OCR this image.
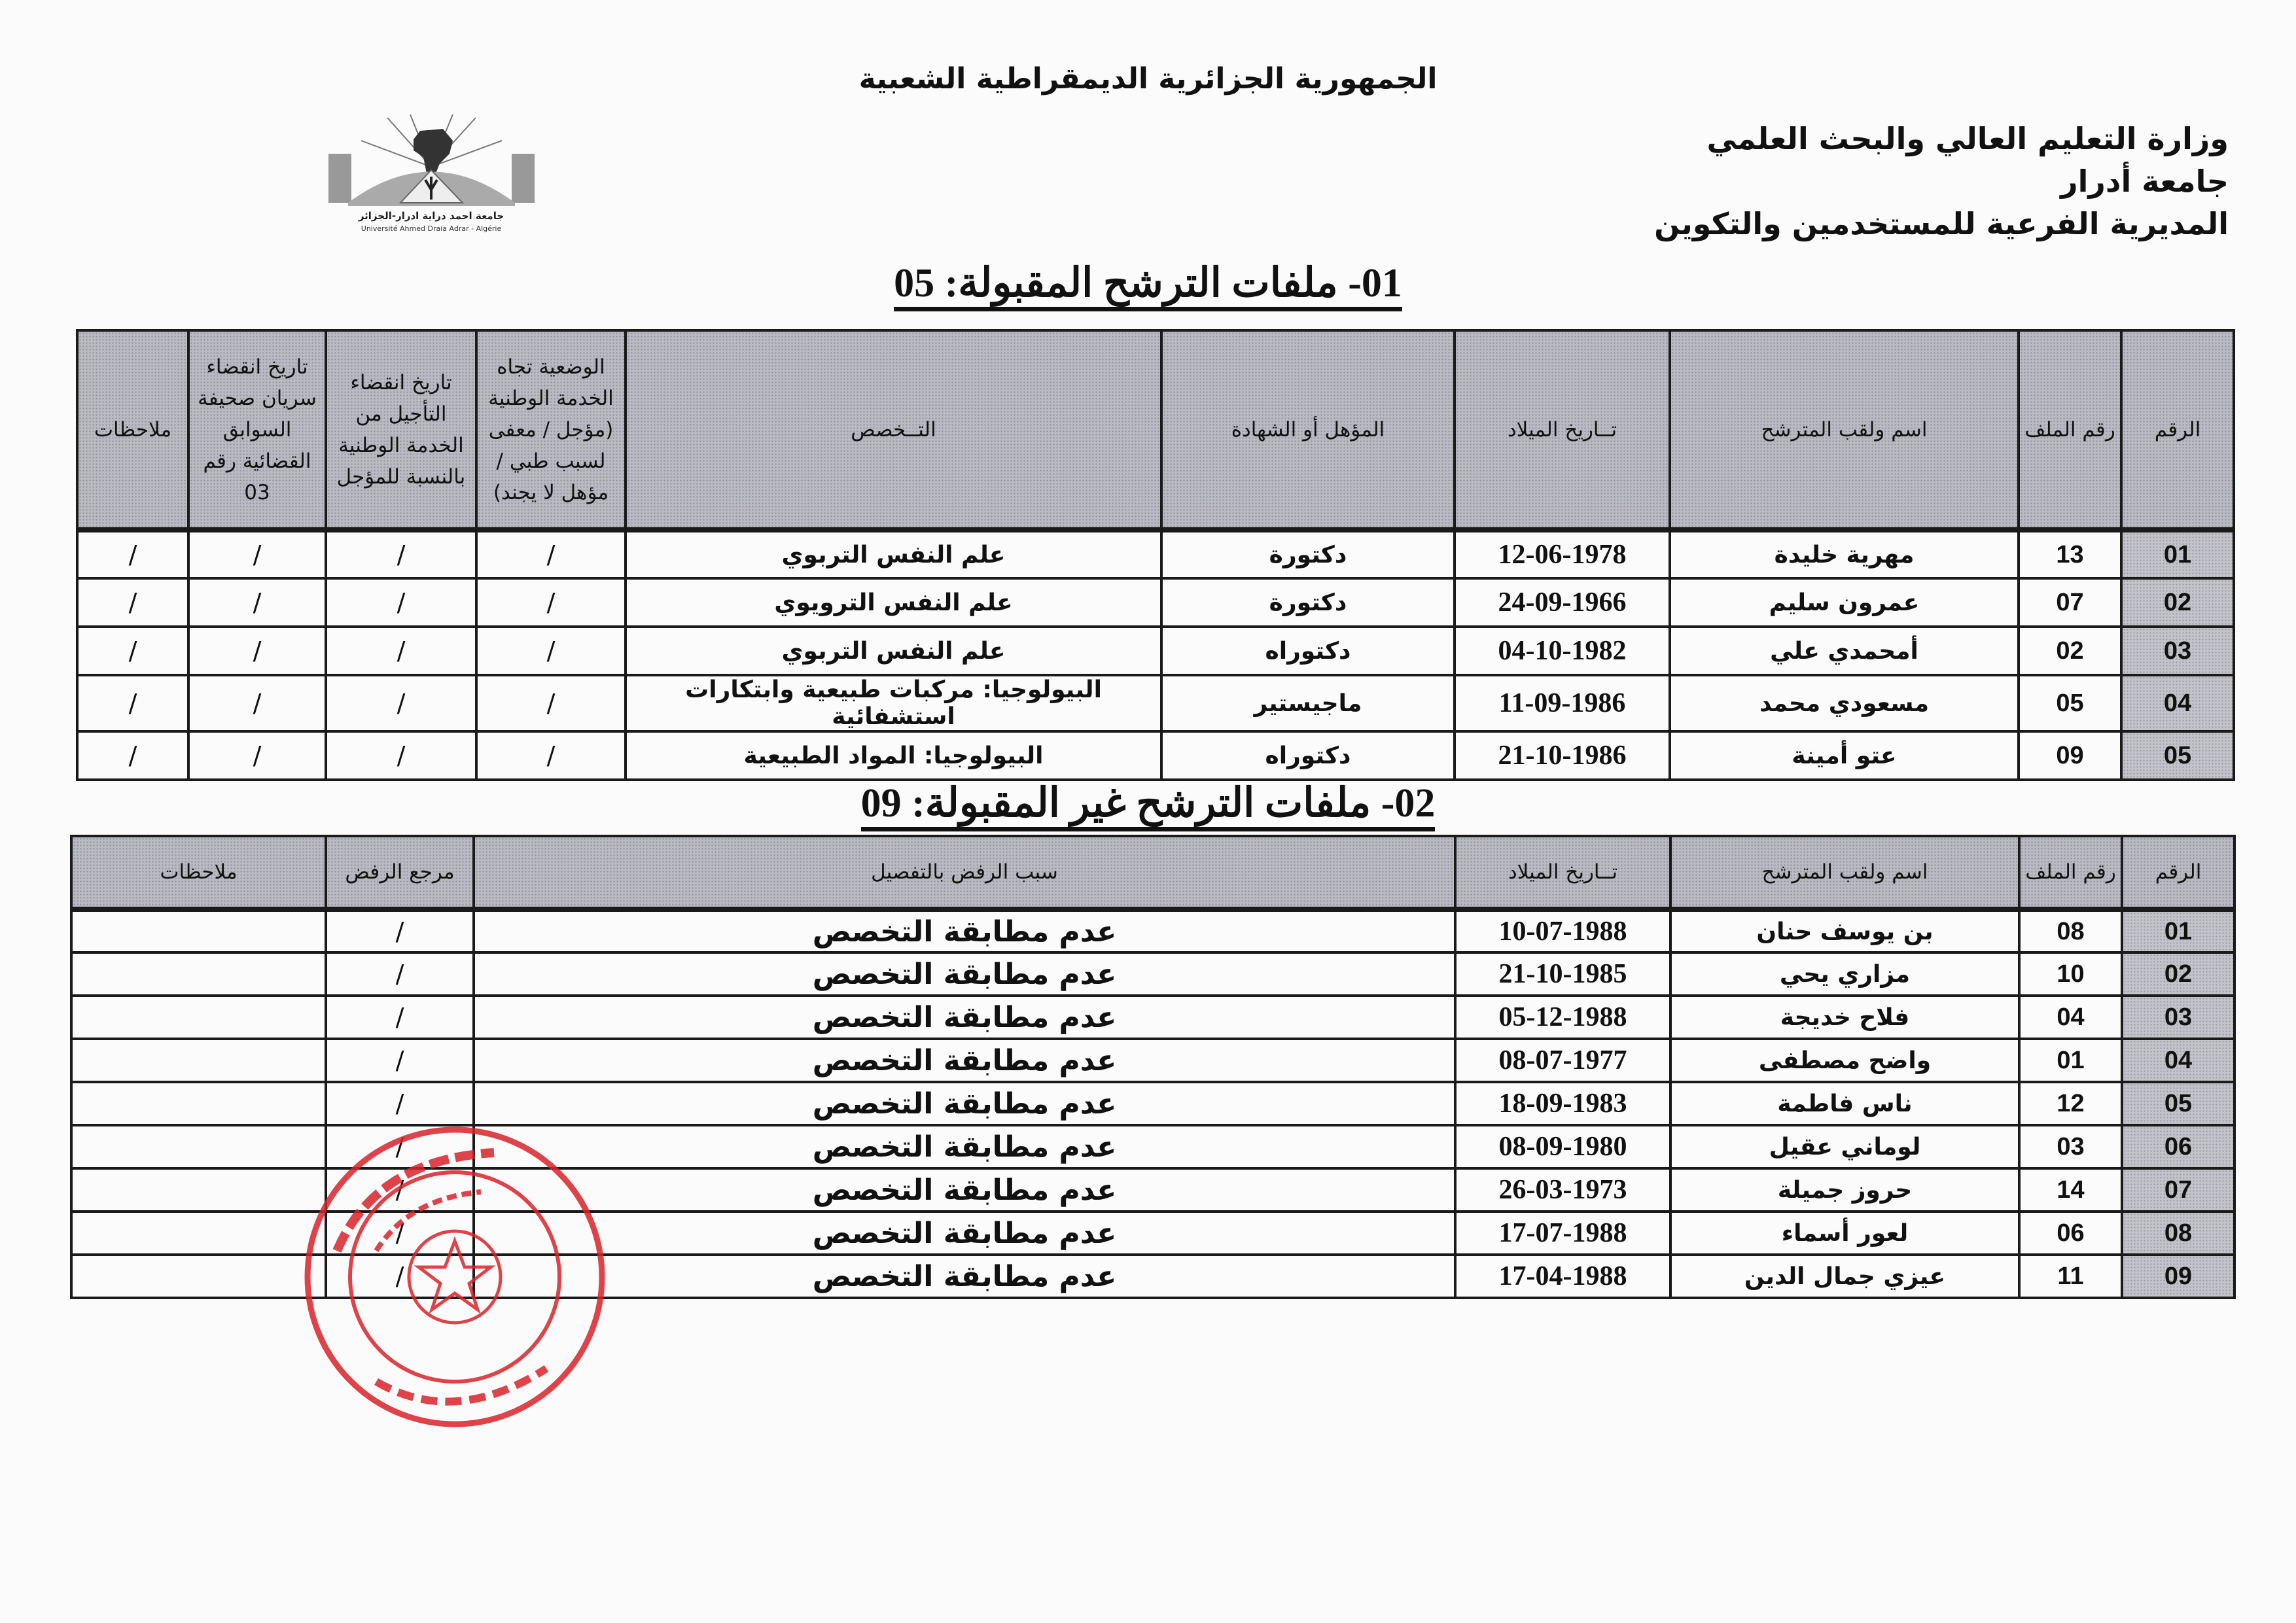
الجمهورية الجزائرية الديمقراطية الشعبية
وزارة التعليم العالي والبحث العلمي
جامعة أدرار
المديرية الفرعية للمستخدمين والتكوين
جامعة احمد دراية ادرار-الجزائر
Université Ahmed Draia Adrar - Algérie
01- ملفات الترشح المقبولة: 05
الرقم	رقم الملف	اسم ولقب المترشح	تــاريخ الميلاد	المؤهل أو الشهادة	التــخصص	الوضعية تجاه الخدمة الوطنية (مؤجل / معفى لسبب طبي / مؤهل لا يجند)	تاريخ انقضاء التأجيل من الخدمة الوطنية بالنسبة للمؤجل	تاريخ انقضاء سريان صحيفة السوابق القضائية رقم 03	ملاحظات
01	13	مهرية خليدة	12-06-1978	دكتورة	علم النفس التربوي	/	/	/	/
02	07	عمرون سليم	24-09-1966	دكتورة	علم النفس الترويوي	/	/	/	/
03	02	أمحمدي علي	04-10-1982	دكتوراه	علم النفس التربوي	/	/	/	/
04	05	مسعودي محمد	11-09-1986	ماجيستير	البيولوجيا: مركبات طبيعية وابتكارات استشفائية	/	/	/	/
05	09	عتو أمينة	21-10-1986	دكتوراه	البيولوجيا: المواد الطبيعية	/	/	/	/
02- ملفات الترشح غير المقبولة: 09
الرقم	رقم الملف	اسم ولقب المترشح	تــاريخ الميلاد	سبب الرفض بالتفصيل	مرجع الرفض	ملاحظات
01	08	بن يوسف حنان	10-07-1988	عدم مطابقة التخصص	/	
02	10	مزاري يحي	21-10-1985	عدم مطابقة التخصص	/	
03	04	فلاح خديجة	05-12-1988	عدم مطابقة التخصص	/	
04	01	واضح مصطفى	08-07-1977	عدم مطابقة التخصص	/	
05	12	ناس فاطمة	18-09-1983	عدم مطابقة التخصص	/	
06	03	لوماني عقيل	08-09-1980	عدم مطابقة التخصص	/	
07	14	حروز جميلة	26-03-1973	عدم مطابقة التخصص	/	
08	06	لعور أسماء	17-07-1988	عدم مطابقة التخصص	/	
09	11	عيزي جمال الدين	17-04-1988	عدم مطابقة التخصص	/	
